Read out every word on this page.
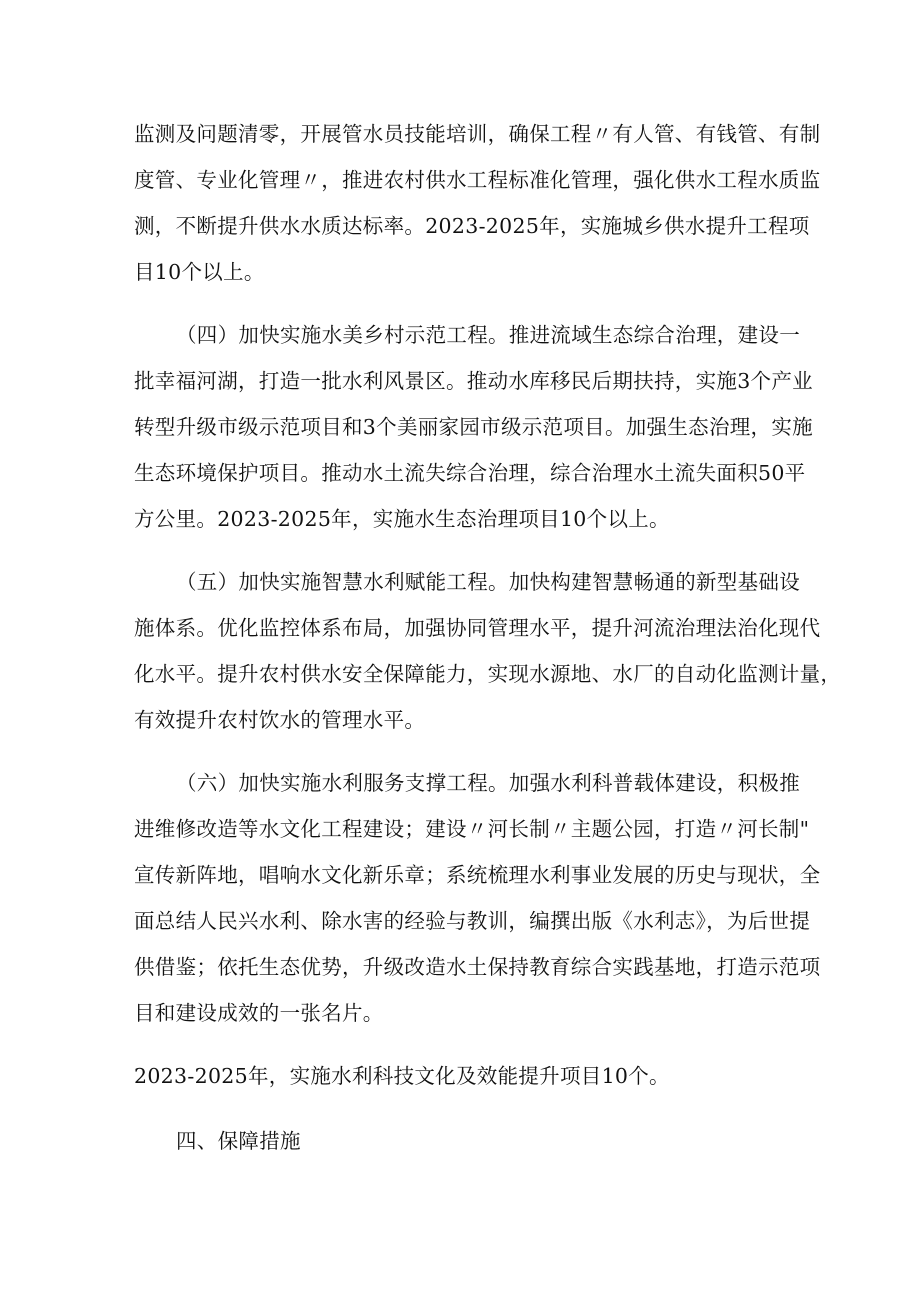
监测及问题清零，开展管水员技能培训，确保工程〃有人管、有钱管、有制
度管、专业化管理〃，推进农村供水工程标准化管理，强化供水工程水质监
测，不断提升供水水质达标率。2023-2025年，实施城乡供水提升工程项
目10个以上。
（四）加快实施水美乡村示范工程。推进流域生态综合治理，建设一
批幸福河湖，打造一批水利风景区。推动水库移民后期扶持，实施3个产业
转型升级市级示范项目和3个美丽家园市级示范项目。加强生态治理，实施
生态环境保护项目。推动水土流失综合治理，综合治理水土流失面积50平
方公里。2023-2025年，实施水生态治理项目10个以上。
（五）加快实施智慧水利赋能工程。加快构建智慧畅通的新型基础设
施体系。优化监控体系布局，加强协同管理水平，提升河流治理法治化现代
化水平。提升农村供水安全保障能力，实现水源地、水厂的自动化监测计量，
有效提升农村饮水的管理水平。
（六）加快实施水利服务支撑工程。加强水利科普载体建设，积极推
进维修改造等水文化工程建设；建设〃河长制〃主题公园，打造〃河长制"
宣传新阵地，唱响水文化新乐章；系统梳理水利事业发展的历史与现状，全
面总结人民兴水利、除水害的经验与教训，编撰出版《水利志》，为后世提
供借鉴；依托生态优势，升级改造水土保持教育综合实践基地，打造示范项
目和建设成效的一张名片。
2023-2025年，实施水利科技文化及效能提升项目10个。
四、保障措施
